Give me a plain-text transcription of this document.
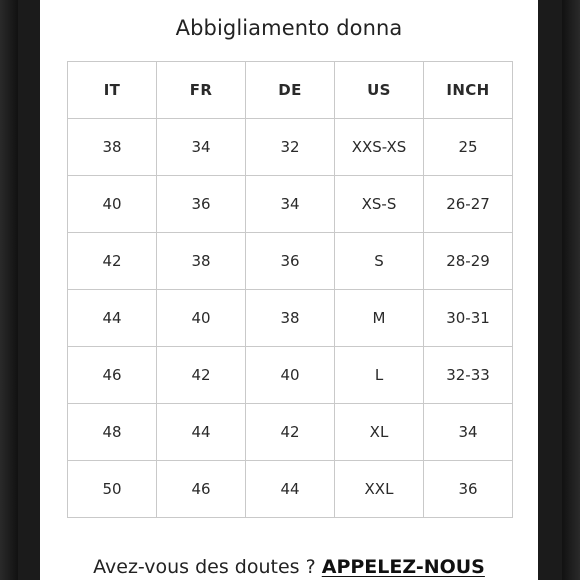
Abbigliamento donna
IT	FR	DE	US	INCH
38	34	32	XXS-XS	25
40	36	34	XS-S	26-27
42	38	36	S	28-29
44	40	38	M	30-31
46	42	40	L	32-33
48	44	42	XL	34
50	46	44	XXL	36
Avez-vous des doutes ? APPELEZ-NOUS
